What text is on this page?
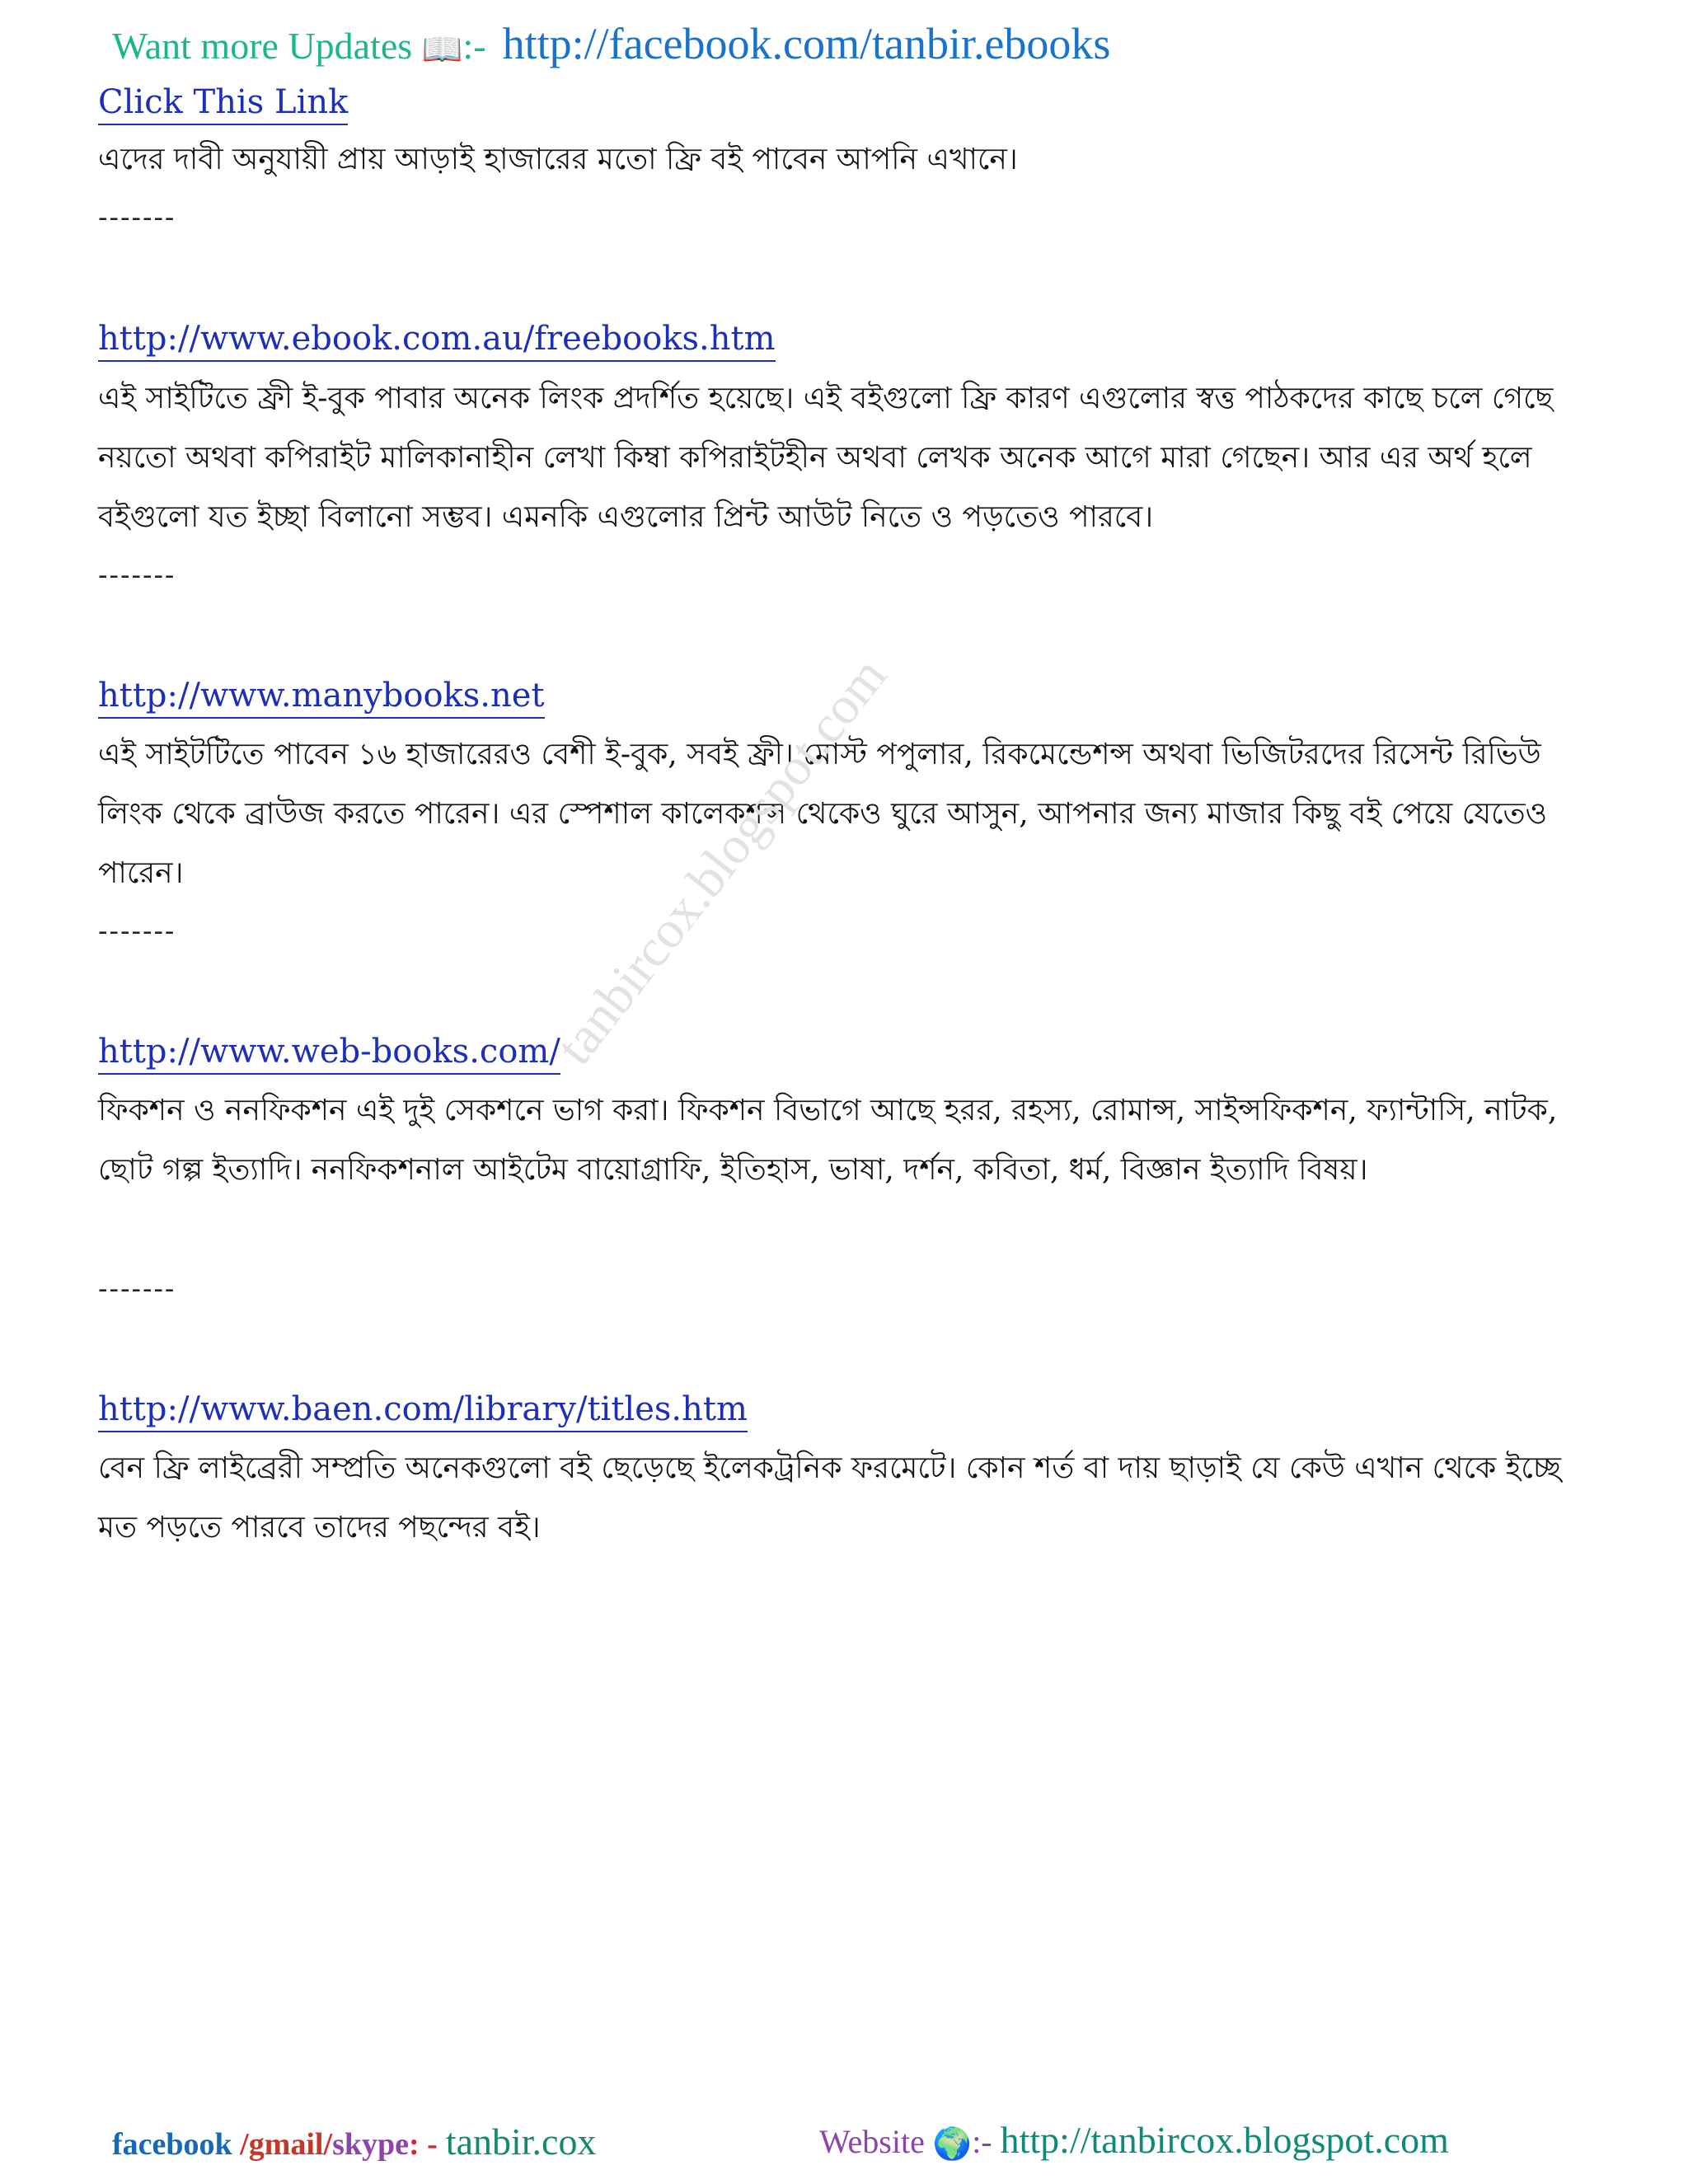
Want more Updates 📖:- http://facebook.com/tanbir.ebooks
Click This Link
এদের দাবী অনুযায়ী প্রায় আড়াই হাজারের মতো ফ্রি বই পাবেন আপনি এখানে।
-------
http://www.ebook.com.au/freebooks.htm
এই সাইটিতে ফ্রী ই-বুক পাবার অনেক লিংক প্রদর্শিত হয়েছে। এই বইগুলো ফ্রি কারণ এগুলোর স্বত্ত পাঠকদের কাছে চলে গেছে নয়তো অথবা কপিরাইট মালিকানাহীন লেখা কিম্বা কপিরাইটহীন অথবা লেখক অনেক আগে মারা গেছেন। আর এর অর্থ হলে বইগুলো যত ইচ্ছা বিলানো সম্ভব। এমনকি এগুলোর প্রিন্ট আউট নিতে ও পড়তেও পারবে।
-------
http://www.manybooks.net
এই সাইটটিতে পাবেন ১৬ হাজারেরও বেশী ই-বুক, সবই ফ্রী। মোস্ট পপুলার, রিকমেন্ডেশন্স অথবা ভিজিটরদের রিসেন্ট রিভিউ লিংক থেকে ব্রাউজ করতে পারেন। এর স্পেশাল কালেকশন্স থেকেও ঘুরে আসুন, আপনার জন্য মাজার কিছু বই পেয়ে যেতেও পারেন।
-------
http://www.web-books.com/
ফিকশন ও ননফিকশন এই দুই সেকশনে ভাগ করা। ফিকশন বিভাগে আছে হরর, রহস্য, রোমান্স, সাইন্সফিকশন, ফ্যান্টাসি, নাটক, ছোট গল্প ইত্যাদি। ননফিকশনাল আইটেম বায়োগ্রাফি, ইতিহাস, ভাষা, দর্শন, কবিতা, ধর্ম, বিজ্ঞান ইত্যাদি বিষয়।
-------
http://www.baen.com/library/titles.htm
বেন ফ্রি লাইব্রেরী সম্প্রতি অনেকগুলো বই ছেড়েছে ইলেকট্রনিক ফরমেটে। কোন শর্ত বা দায় ছাড়াই যে কেউ এখান থেকে ইচ্ছে মত পড়তে পারবে তাদের পছন্দের বই।
tanbircox.blogspot.com
facebook /gmail/skype: - tanbir.cox	Website 🌍:- http://tanbircox.blogspot.com
